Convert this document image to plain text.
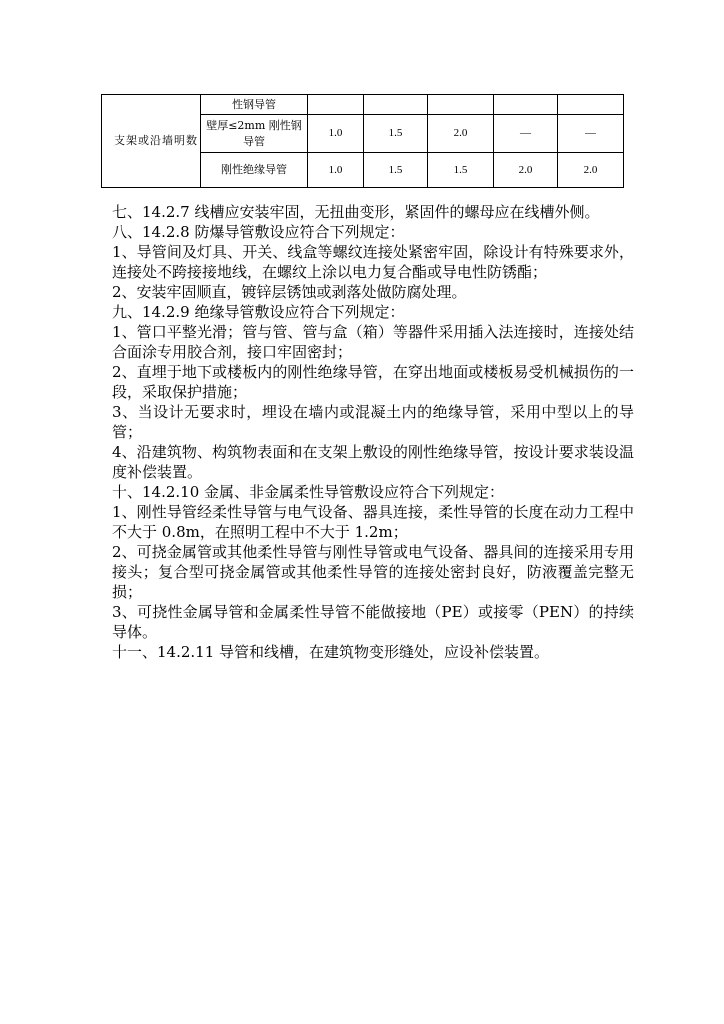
支架或沿墙明数	性钢导管					
	壁厚≤2mm 刚性钢导管	1.0	1.5	2.0	—	—
	刚性绝缘导管	1.0	1.5	1.5	2.0	2.0

七、14.2.7 线槽应安装牢固，无扭曲变形，紧固件的螺母应在线槽外侧。

八、14.2.8 防爆导管敷设应符合下列规定：

1、导管间及灯具、开关、线盒等螺纹连接处紧密牢固，除设计有特殊要求外，连接处不跨接接地线，在螺纹上涂以电力复合酯或导电性防锈酯；

2、安装牢固顺直，镀锌层锈蚀或剥落处做防腐处理。

九、14.2.9 绝缘导管敷设应符合下列规定：

1、管口平整光滑；管与管、管与盒（箱）等器件采用插入法连接时，连接处结合面涂专用胶合剂，接口牢固密封；

2、直埋于地下或楼板内的刚性绝缘导管，在穿出地面或楼板易受机械损伤的一段，采取保护措施；

3、当设计无要求时，埋设在墙内或混凝土内的绝缘导管，采用中型以上的导管；

4、沿建筑物、构筑物表面和在支架上敷设的刚性绝缘导管，按设计要求装设温度补偿装置。

十、14.2.10 金属、非金属柔性导管敷设应符合下列规定：

1、刚性导管经柔性导管与电气设备、器具连接，柔性导管的长度在动力工程中不大于 0.8m，在照明工程中不大于 1.2m；

2、可挠金属管或其他柔性导管与刚性导管或电气设备、器具间的连接采用专用接头；复合型可挠金属管或其他柔性导管的连接处密封良好，防液覆盖完整无损；

3、可挠性金属导管和金属柔性导管不能做接地（PE）或接零（PEN）的持续导体。

十一、14.2.11 导管和线槽，在建筑物变形缝处，应设补偿装置。
